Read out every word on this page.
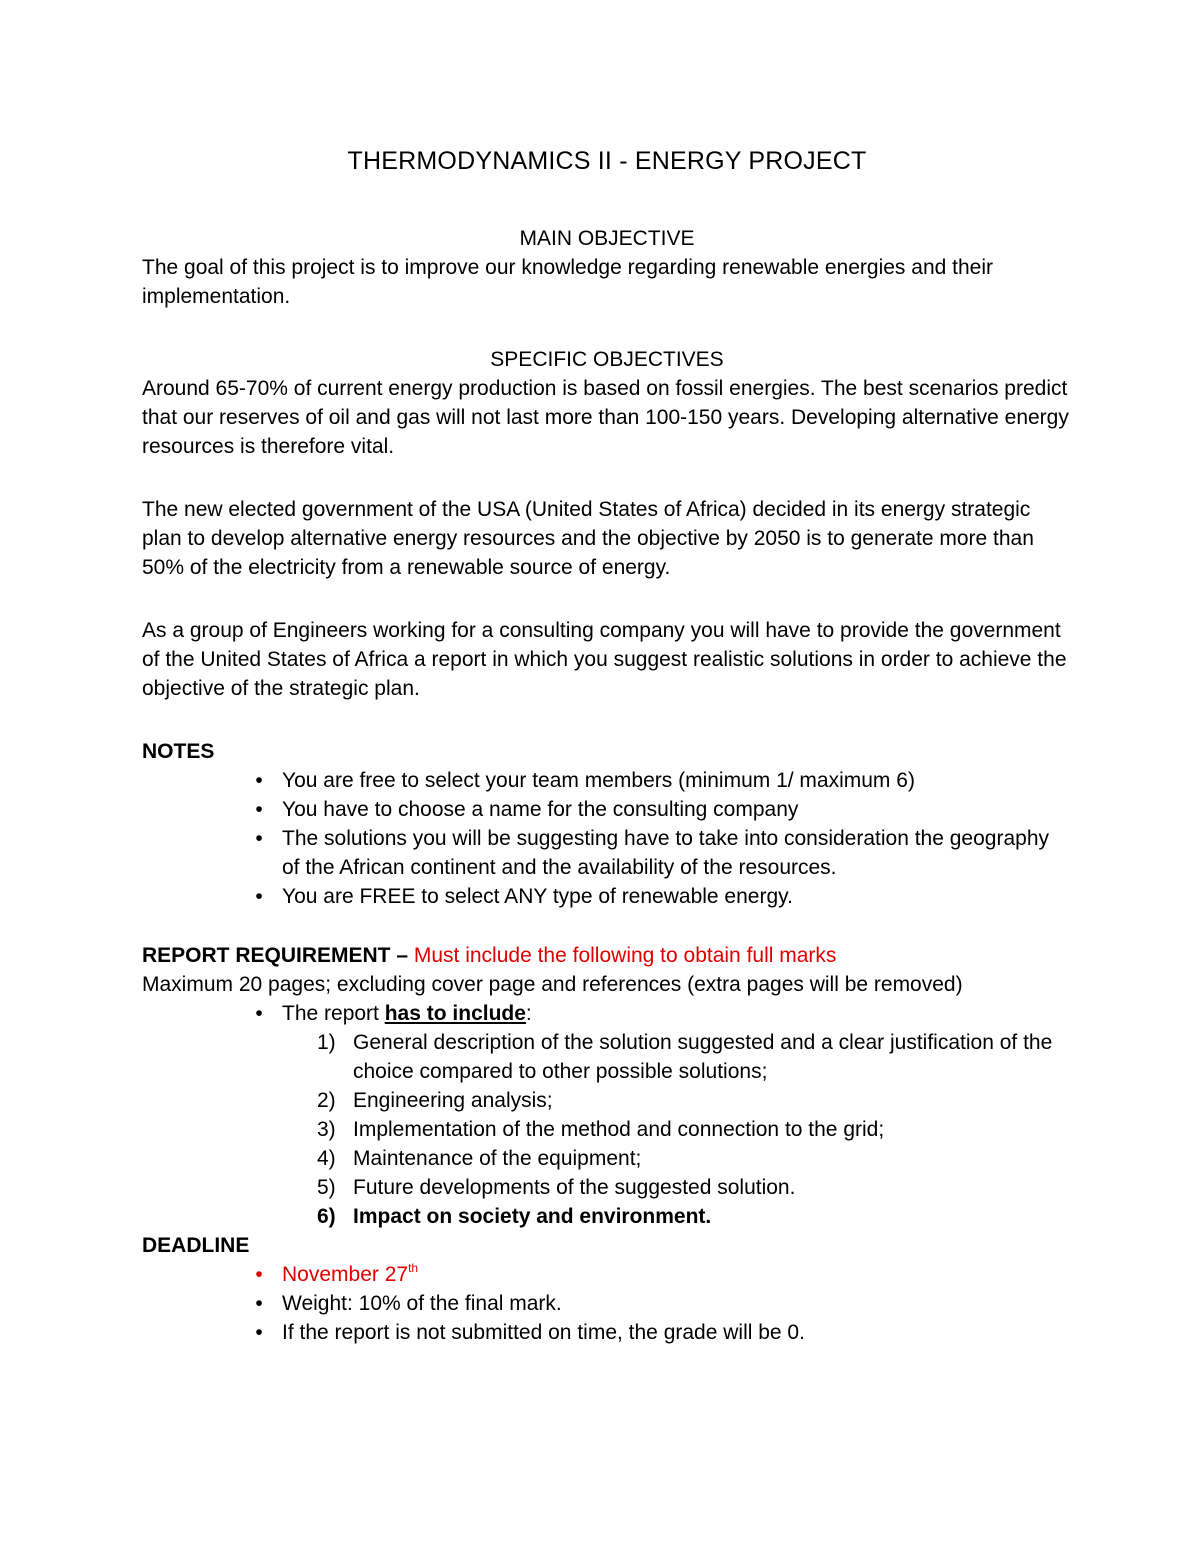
THERMODYNAMICS II - ENERGY PROJECT
MAIN OBJECTIVE

The goal of this project is to improve our knowledge regarding renewable energies and their implementation.

SPECIFIC OBJECTIVES

Around 65-70% of current energy production is based on fossil energies. The best scenarios predict that our reserves of oil and gas will not last more than 100-150 years. Developing alternative energy resources is therefore vital.

The new elected government of the USA (United States of Africa) decided in its energy strategic plan to develop alternative energy resources and the objective by 2050 is to generate more than 50% of the electricity from a renewable source of energy.

As a group of Engineers working for a consulting company you will have to provide the government of the United States of Africa a report in which you suggest realistic solutions in order to achieve the objective of the strategic plan.

NOTES
• You are free to select your team members (minimum 1/ maximum 6)
• You have to choose a name for the consulting company
• The solutions you will be suggesting have to take into consideration the geography of the African continent and the availability of the resources.
• You are FREE to select ANY type of renewable energy.
REPORT REQUIREMENT – Must include the following to obtain full marks

Maximum 20 pages; excluding cover page and references (extra pages will be removed)

• The report has to include:
1) General description of the solution suggested and a clear justification of the choice compared to other possible solutions;
2) Engineering analysis;
3) Implementation of the method and connection to the grid;
4) Maintenance of the equipment;
5) Future developments of the suggested solution.
6) Impact on society and environment.
DEADLINE
• November 27th
• Weight: 10% of the final mark.
• If the report is not submitted on time, the grade will be 0.
